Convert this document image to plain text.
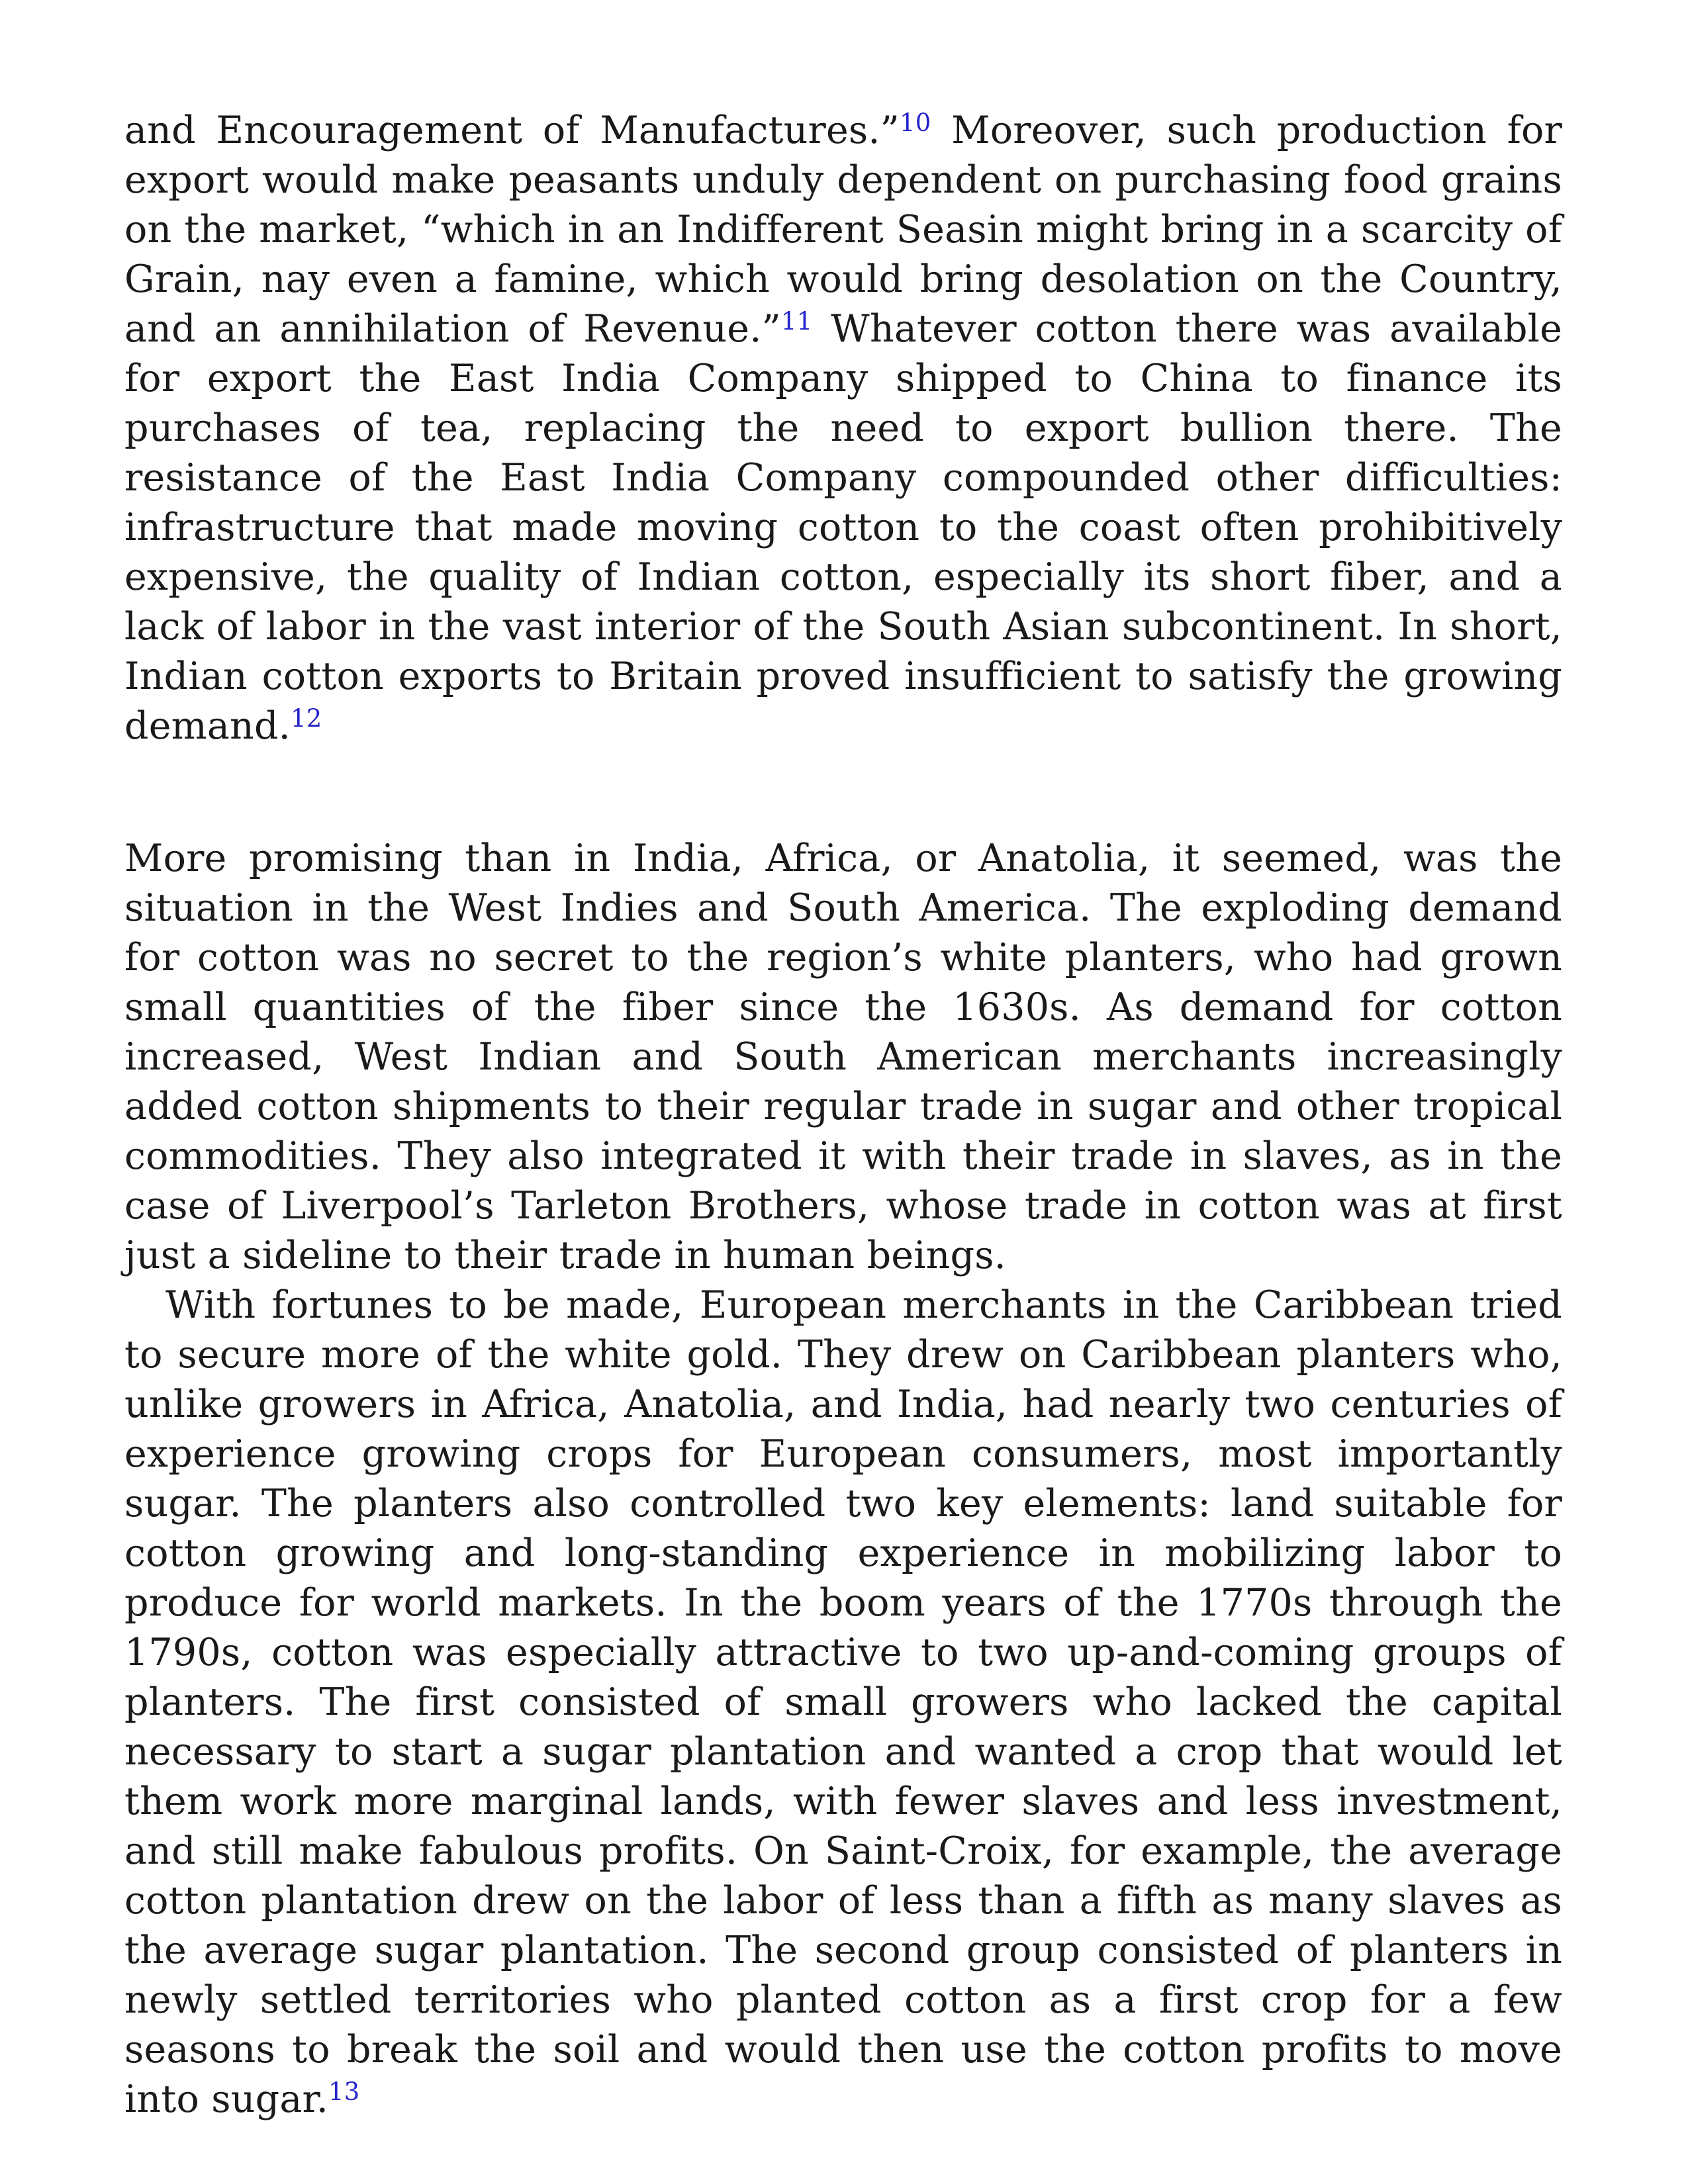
and Encouragement of Manufactures.”$^{10}$ Moreover, such production for export would make peasants unduly dependent on purchasing food grains on the market, “which in an Indifferent Seasin might bring in a scarcity of Grain, nay even a famine, which would bring desolation on the Country, and an annihilation of Revenue.”$^{11}$ Whatever cotton there was available for export the East India Company shipped to China to finance its purchases of tea, replacing the need to export bullion there. The resistance of the East India Company compounded other difficulties: infrastructure that made moving cotton to the coast often prohibitively expensive, the quality of Indian cotton, especially its short fiber, and a lack of labor in the vast interior of the South Asian subcontinent. In short, Indian cotton exports to Britain proved insufficient to satisfy the growing demand.$^{12}$

More promising than in India, Africa, or Anatolia, it seemed, was the situation in the West Indies and South America. The exploding demand for cotton was no secret to the region’s white planters, who had grown small quantities of the fiber since the 1630s. As demand for cotton increased, West Indian and South American merchants increasingly added cotton shipments to their regular trade in sugar and other tropical commodities. They also integrated it with their trade in slaves, as in the case of Liverpool’s Tarleton Brothers, whose trade in cotton was at first just a sideline to their trade in human beings.

With fortunes to be made, European merchants in the Caribbean tried to secure more of the white gold. They drew on Caribbean planters who, unlike growers in Africa, Anatolia, and India, had nearly two centuries of experience growing crops for European consumers, most importantly sugar. The planters also controlled two key elements: land suitable for cotton growing and long-standing experience in mobilizing labor to produce for world markets. In the boom years of the 1770s through the 1790s, cotton was especially attractive to two up-and-coming groups of planters. The first consisted of small growers who lacked the capital necessary to start a sugar plantation and wanted a crop that would let them work more marginal lands, with fewer slaves and less investment, and still make fabulous profits. On Saint-Croix, for example, the average cotton plantation drew on the labor of less than a fifth as many slaves as the average sugar plantation. The second group consisted of planters in newly settled territories who planted cotton as a first crop for a few seasons to break the soil and would then use the cotton profits to move into sugar.$^{13}$
